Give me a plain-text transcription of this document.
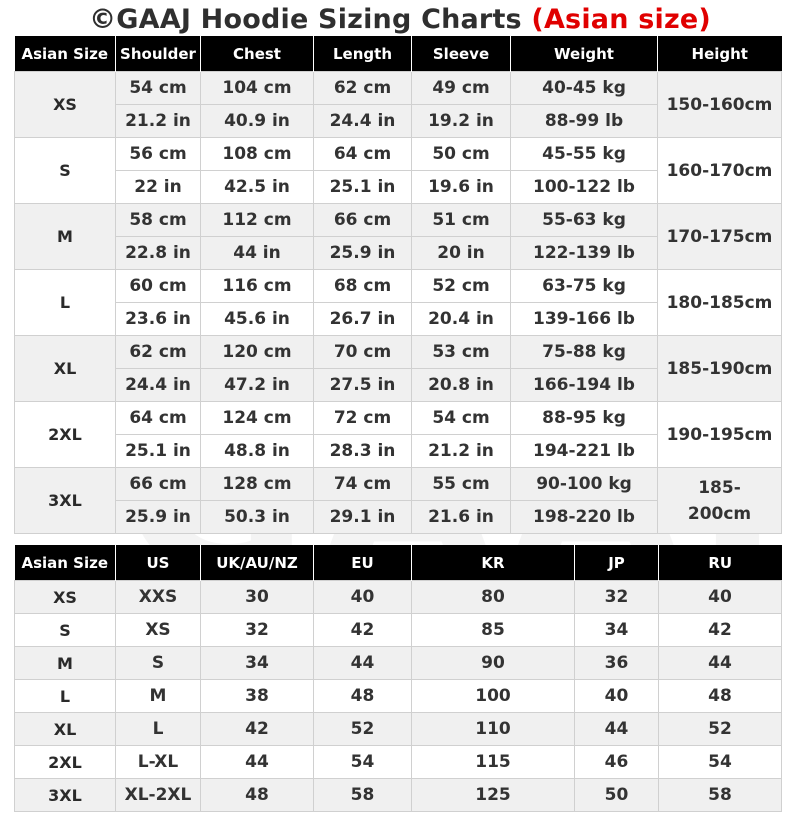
©GAAJ Hoodie Sizing Charts (Asian size)
Asian Size	Shoulder	Chest	Length	Sleeve	Weight	Height
XS	54 cm	104 cm	62 cm	49 cm	40-45 kg	150-160cm
	21.2 in	40.9 in	24.4 in	19.2 in	88-99 lb	
S	56 cm	108 cm	64 cm	50 cm	45-55 kg	160-170cm
	22 in	42.5 in	25.1 in	19.6 in	100-122 lb	
M	58 cm	112 cm	66 cm	51 cm	55-63 kg	170-175cm
	22.8 in	44 in	25.9 in	20 in	122-139 lb	
L	60 cm	116 cm	68 cm	52 cm	63-75 kg	180-185cm
	23.6 in	45.6 in	26.7 in	20.4 in	139-166 lb	
XL	62 cm	120 cm	70 cm	53 cm	75-88 kg	185-190cm
	24.4 in	47.2 in	27.5 in	20.8 in	166-194 lb	
2XL	64 cm	124 cm	72 cm	54 cm	88-95 kg	190-195cm
	25.1 in	48.8 in	28.3 in	21.2 in	194-221 lb	
3XL	66 cm	128 cm	74 cm	55 cm	90-100 kg	185-
200cm
	25.9 in	50.3 in	29.1 in	21.6 in	198-220 lb	
Asian Size	US	UK/AU/NZ	EU	KR	JP	RU
XS	XXS	30	40	80	32	40
S	XS	32	42	85	34	42
M	S	34	44	90	36	44
L	M	38	48	100	40	48
XL	L	42	52	110	44	52
2XL	L-XL	44	54	115	46	54
3XL	XL-2XL	48	58	125	50	58
